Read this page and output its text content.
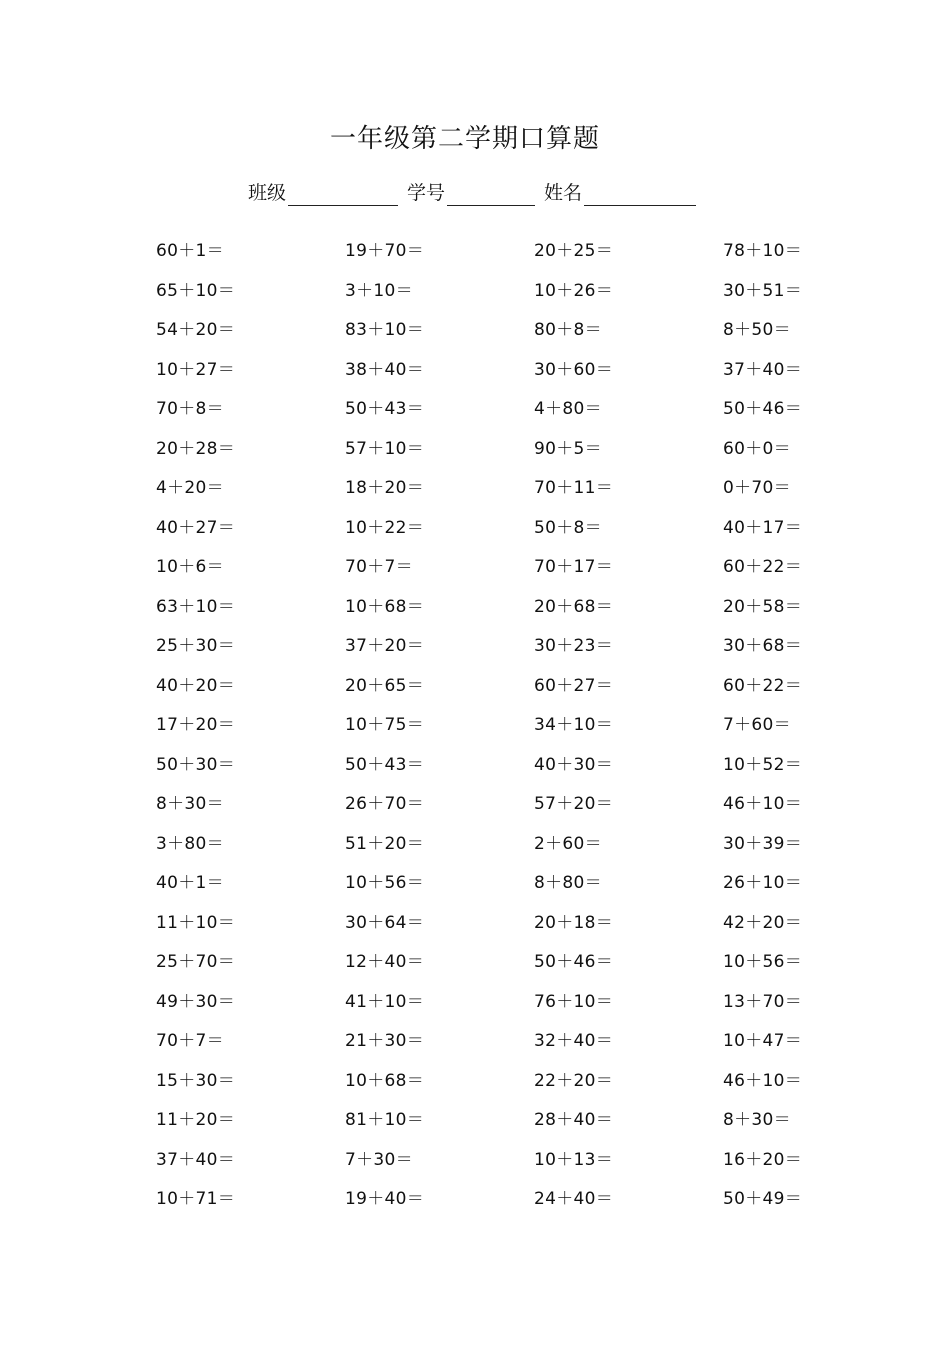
一年级第二学期口算题
班级	学号	姓名
60＋1＝	19＋70＝	20＋25＝	78＋10＝
65＋10＝	3＋10＝	10＋26＝	30＋51＝
54＋20＝	83＋10＝	80＋8＝	8＋50＝
10＋27＝	38＋40＝	30＋60＝	37＋40＝
70＋8＝	50＋43＝	4＋80＝	50＋46＝
20＋28＝	57＋10＝	90＋5＝	60＋0＝
4＋20＝	18＋20＝	70＋11＝	0＋70＝
40＋27＝	10＋22＝	50＋8＝	40＋17＝
10＋6＝	70＋7＝	70＋17＝	60＋22＝
63＋10＝	10＋68＝	20＋68＝	20＋58＝
25＋30＝	37＋20＝	30＋23＝	30＋68＝
40＋20＝	20＋65＝	60＋27＝	60＋22＝
17＋20＝	10＋75＝	34＋10＝	7＋60＝
50＋30＝	50＋43＝	40＋30＝	10＋52＝
8＋30＝	26＋70＝	57＋20＝	46＋10＝
3＋80＝	51＋20＝	2＋60＝	30＋39＝
40＋1＝	10＋56＝	8＋80＝	26＋10＝
11＋10＝	30＋64＝	20＋18＝	42＋20＝
25＋70＝	12＋40＝	50＋46＝	10＋56＝
49＋30＝	41＋10＝	76＋10＝	13＋70＝
70＋7＝	21＋30＝	32＋40＝	10＋47＝
15＋30＝	10＋68＝	22＋20＝	46＋10＝
11＋20＝	81＋10＝	28＋40＝	8＋30＝
37＋40＝	7＋30＝	10＋13＝	16＋20＝
10＋71＝	19＋40＝	24＋40＝	50＋49＝
